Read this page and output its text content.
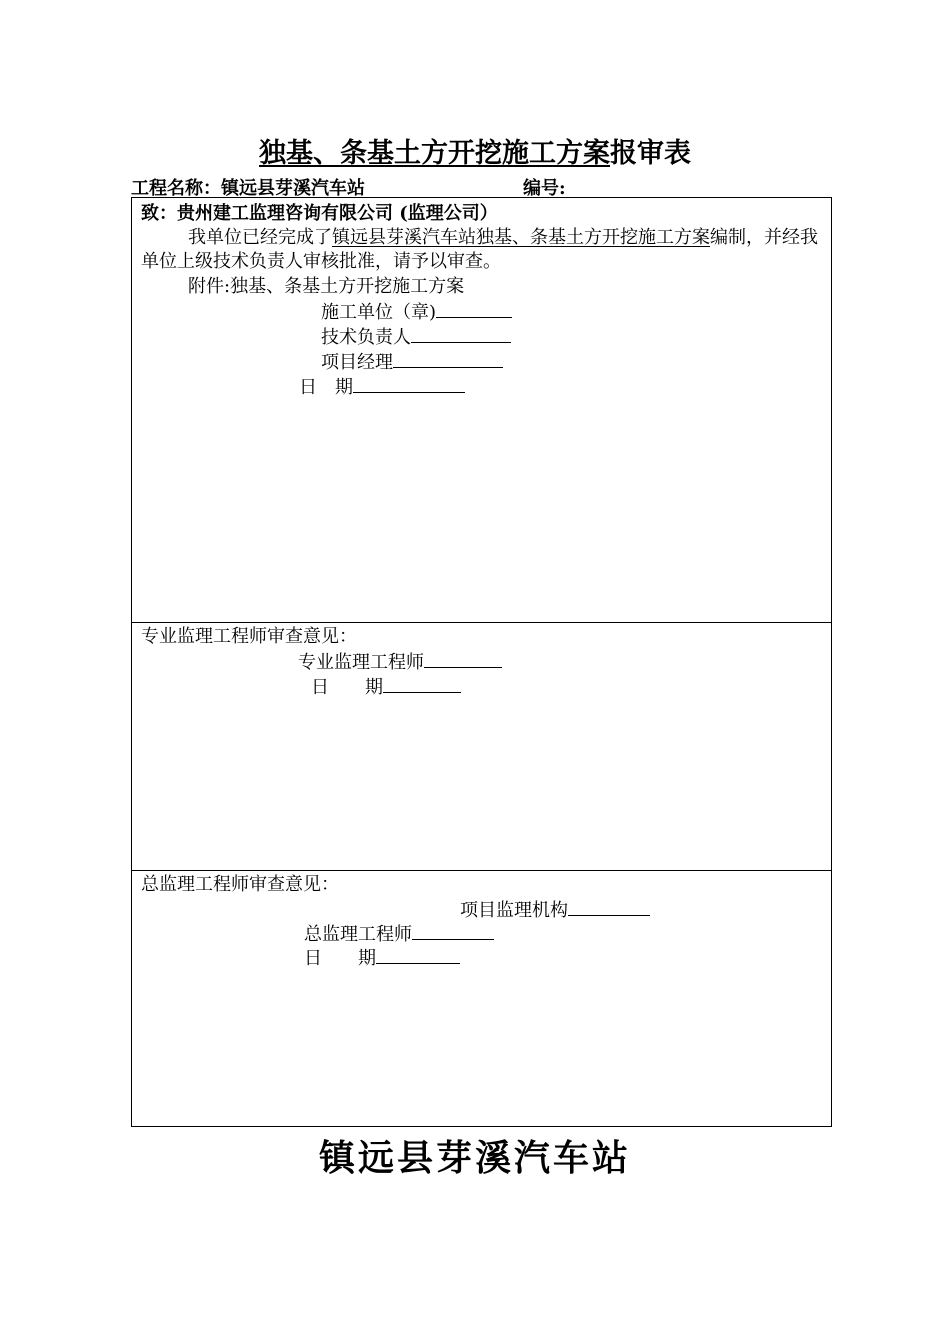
独基、条基土方开挖施工方案报审表
工程名称：镇远县芽溪汽车站	编号:
致：贵州建工监理咨询有限公司 (监理公司）
我单位已经完成了镇远县芽溪汽车站独基、条基土方开挖施工方案编制，并经我单位上级技术负责人审核批准，请予以审查。
附件:独基、条基土方开挖施工方案
施工单位（章)
技术负责人
项目经理
日　期
专业监理工程师审查意见：
专业监理工程师
日　　期
总监理工程师审查意见：
项目监理机构
总监理工程师
日　　期
镇远县芽溪汽车站
